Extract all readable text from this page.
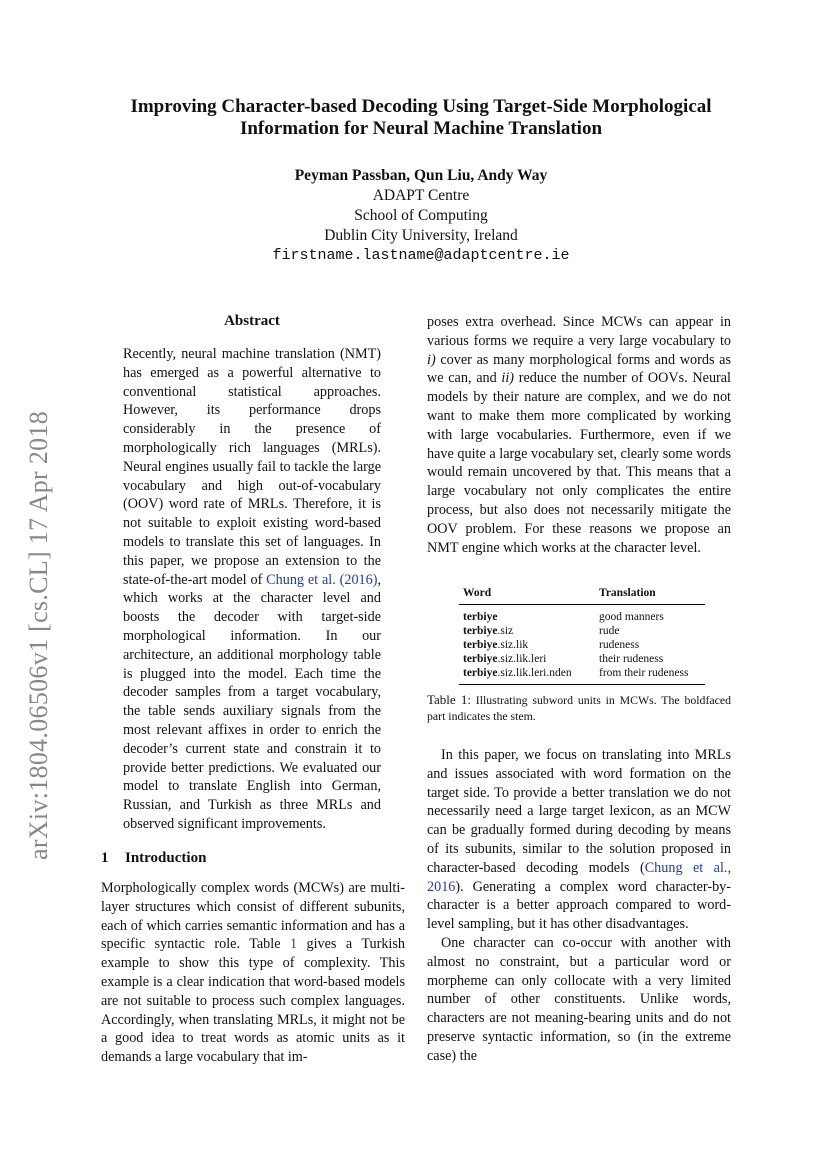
arXiv:1804.06506v1 [cs.CL] 17 Apr 2018
Improving Character-based Decoding Using Target-Side Morphological Information for Neural Machine Translation
Peyman Passban, Qun Liu, Andy Way
ADAPT Centre
School of Computing
Dublin City University, Ireland
firstname.lastname@adaptcentre.ie
Abstract
Recently, neural machine translation (NMT) has emerged as a powerful alternative to conventional statistical approaches. However, its performance drops considerably in the presence of morphologically rich languages (MRLs). Neural engines usually fail to tackle the large vocabulary and high out-of-vocabulary (OOV) word rate of MRLs. Therefore, it is not suitable to exploit existing word-based models to translate this set of languages. In this paper, we propose an extension to the state-of-the-art model of Chung et al. (2016), which works at the character level and boosts the decoder with target-side morphological information. In our architecture, an additional morphology table is plugged into the model. Each time the decoder samples from a target vocabulary, the table sends auxiliary signals from the most relevant affixes in order to enrich the decoder’s current state and constrain it to provide better predictions. We evaluated our model to translate English into German, Russian, and Turkish as three MRLs and observed significant improvements.
1 Introduction
Morphologically complex words (MCWs) are multi-layer structures which consist of different subunits, each of which carries semantic information and has a specific syntactic role. Table 1 gives a Turkish example to show this type of complexity. This example is a clear indication that word-based models are not suitable to process such complex languages. Accordingly, when translating MRLs, it might not be a good idea to treat words as atomic units as it demands a large vocabulary that im-
poses extra overhead. Since MCWs can appear in various forms we require a very large vocabulary to i) cover as many morphological forms and words as we can, and ii) reduce the number of OOVs. Neural models by their nature are complex, and we do not want to make them more complicated by working with large vocabularies. Furthermore, even if we have quite a large vocabulary set, clearly some words would remain uncovered by that. This means that a large vocabulary not only complicates the entire process, but also does not necessarily mitigate the OOV problem. For these reasons we propose an NMT engine which works at the character level.
Word	Translation
terbiye	good manners
terbiye.siz	rude
terbiye.siz.lik	rudeness
terbiye.siz.lik.leri	their rudeness
terbiye.siz.lik.leri.nden	from their rudeness
Table 1: Illustrating subword units in MCWs. The boldfaced part indicates the stem.
In this paper, we focus on translating into MRLs and issues associated with word formation on the target side. To provide a better translation we do not necessarily need a large target lexicon, as an MCW can be gradually formed during decoding by means of its subunits, similar to the solution proposed in character-based decoding models (Chung et al., 2016). Generating a complex word character-by-character is a better approach compared to word-level sampling, but it has other disadvantages.
One character can co-occur with another with almost no constraint, but a particular word or morpheme can only collocate with a very limited number of other constituents. Unlike words, characters are not meaning-bearing units and do not preserve syntactic information, so (in the extreme case) the
